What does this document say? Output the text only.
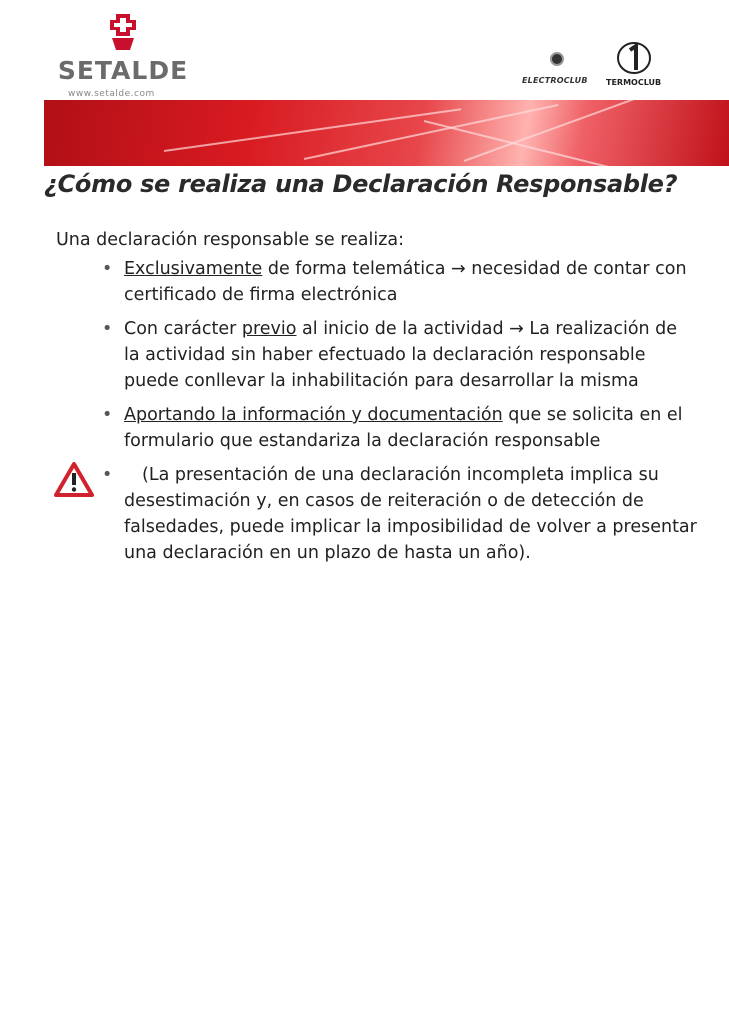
SETALDE
www.setalde.com
ELECTROCLUB TERMOCLUB
¿Cómo se realiza una Declaración Responsable?
Una declaración responsable se realiza:
• Exclusivamente de forma telemática → necesidad de contar con
certificado de firma electrónica
• Con carácter previo al inicio de la actividad → La realización de
la actividad sin haber efectuado la declaración responsable
puede conllevar la inhabilitación para desarrollar la misma
• Aportando la información y documentación que se solicita en el
formulario que estandariza la declaración responsable
•	(La presentación de una declaración incompleta implica su
desestimación y, en casos de reiteración o de detección de
falsedades, puede implicar la imposibilidad de volver a presentar
una declaración en un plazo de hasta un año).
